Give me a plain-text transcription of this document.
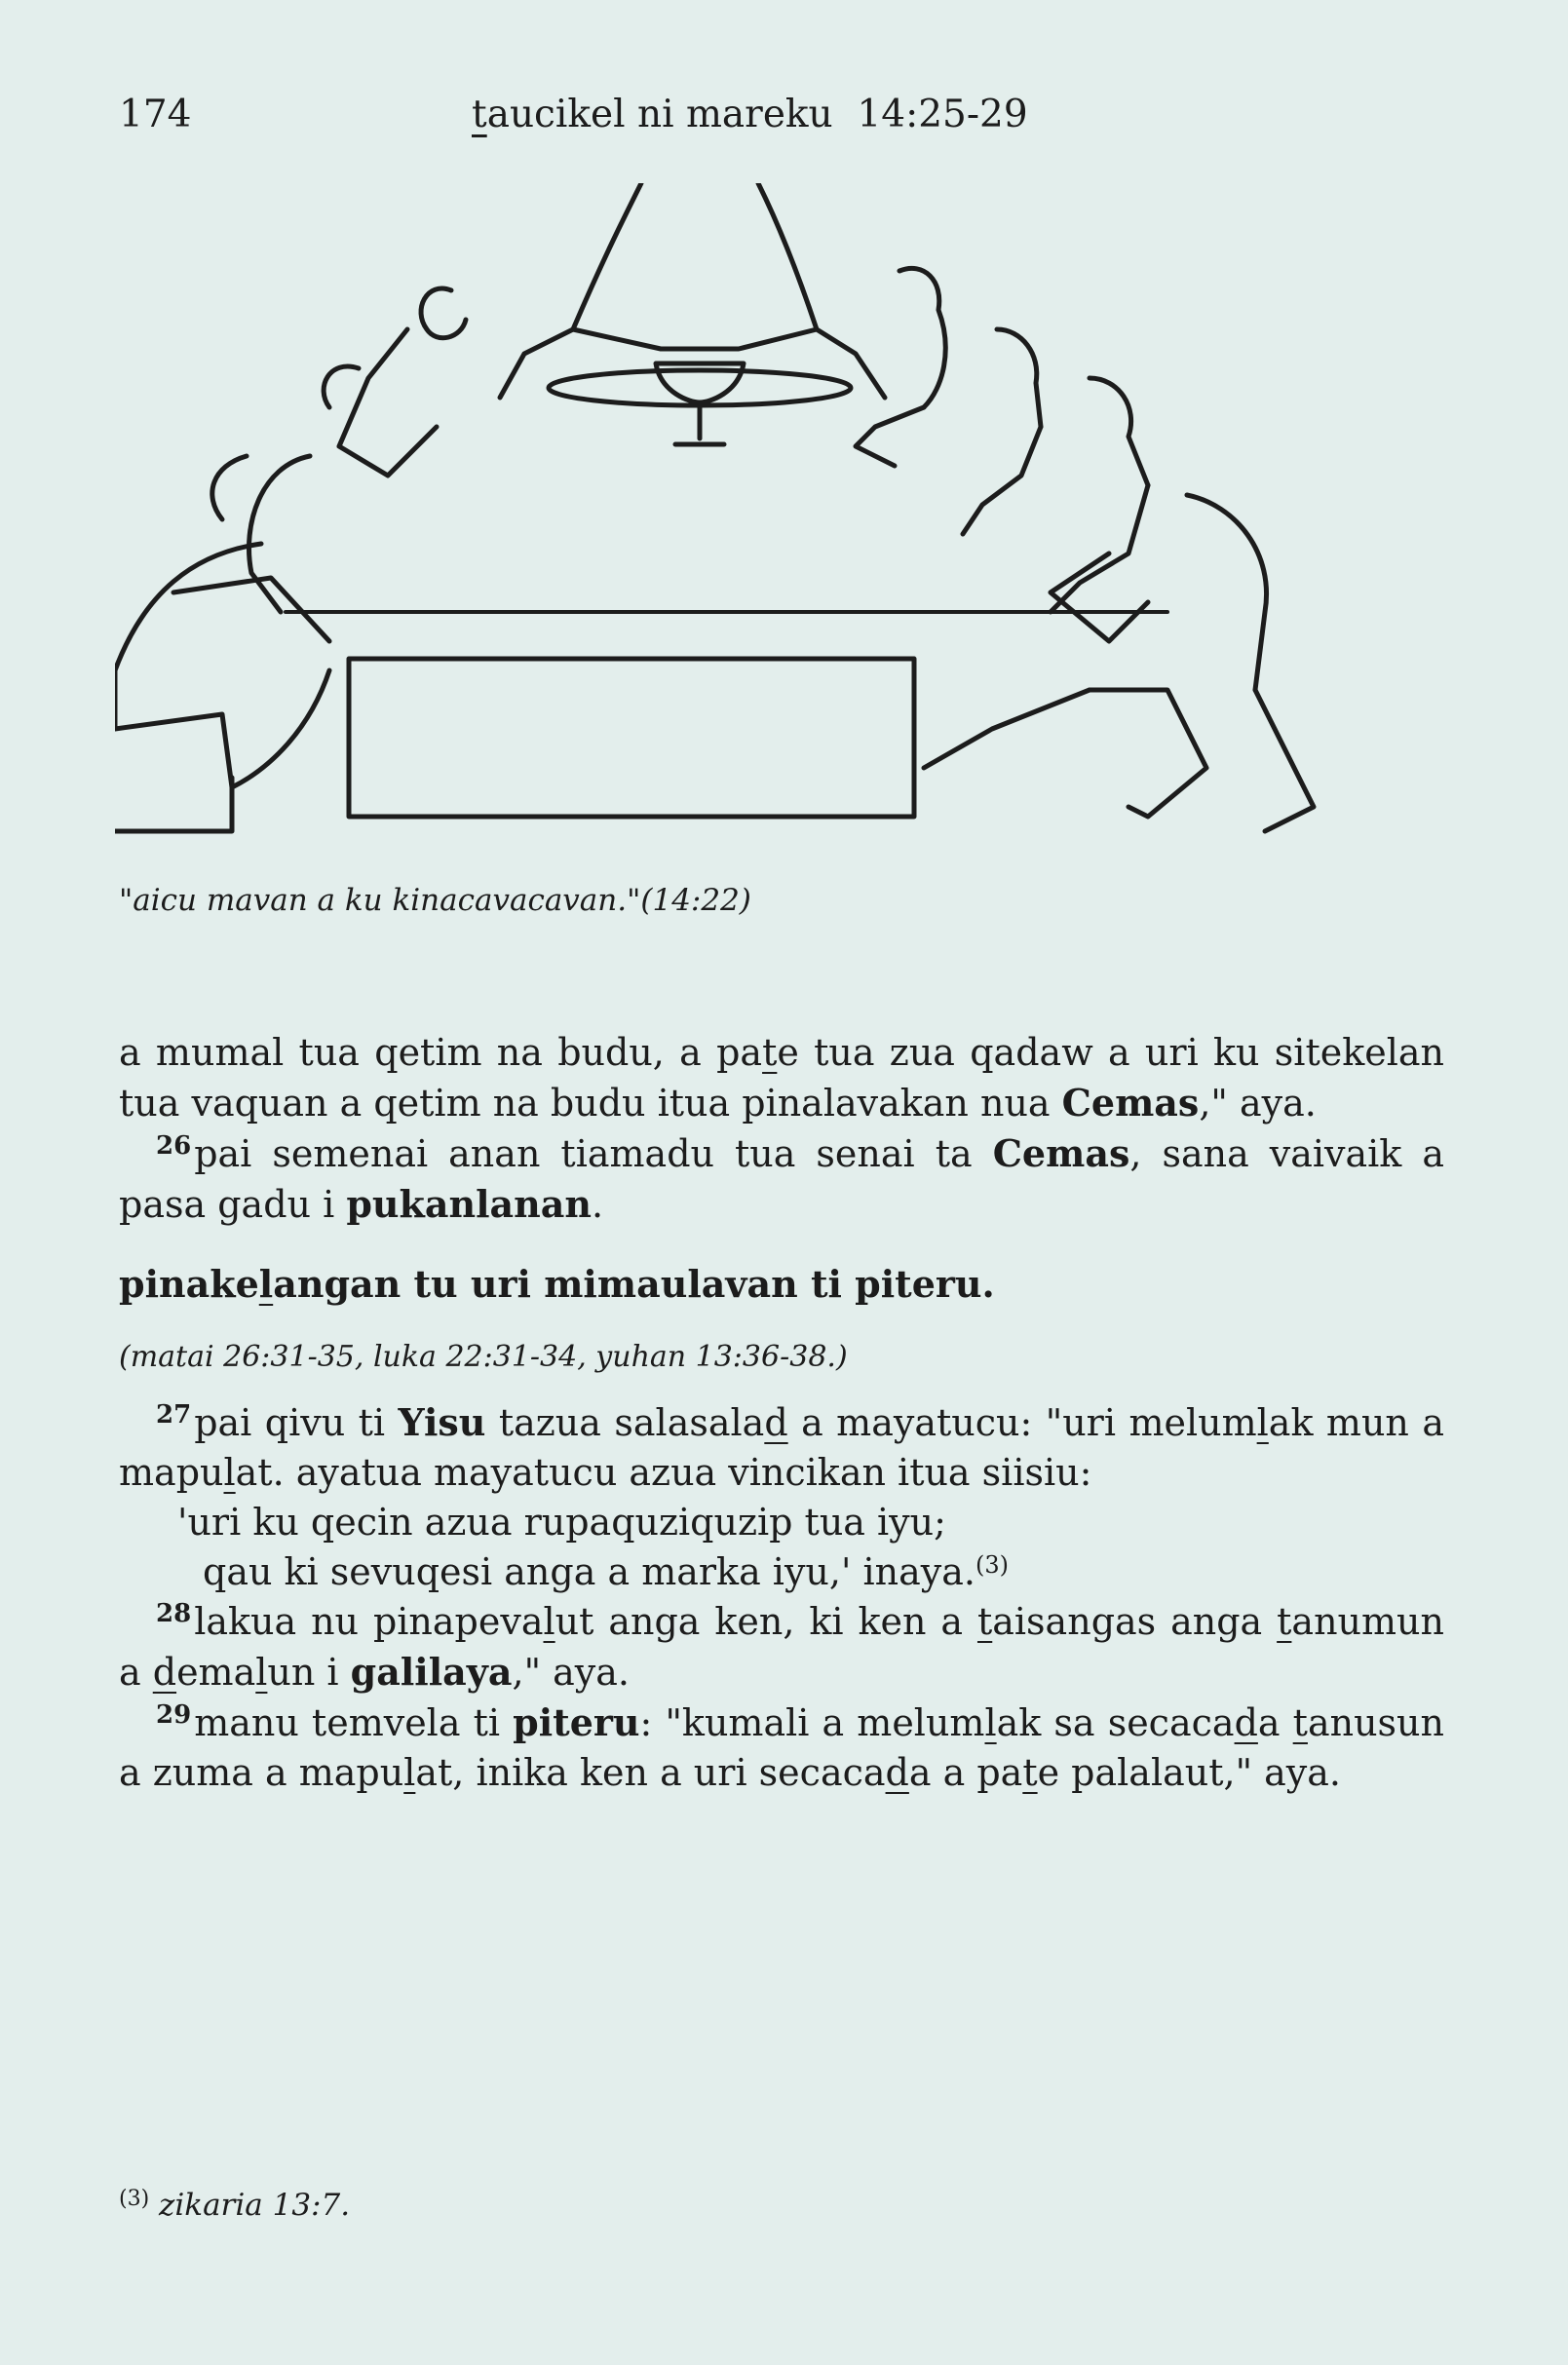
174	taucikel ni mareku 14:25-29
"aicu mavan a ku kinacavacavan."(14:22)

a mumal tua qetim na budu, a pate tua zua qadaw a uri ku sitekelan tua vaquan a qetim na budu itua pinalavakan nua Cemas," aya.

$^{26}$pai semenai anan tiamadu tua senai ta Cemas, sana vaivaik a pasa gadu i pukanlanan.

pinakelangan tu uri mimaulavan ti piteru.

(matai 26:31-35, luka 22:31-34, yuhan 13:36-38.)

$^{27}$pai qivu ti Yisu tazua salasalad a mayatucu: "uri melumlak mun a mapulat. ayatua mayatucu azua vincikan itua siisiu:

'uri ku qecin azua rupaquziquzip tua iyu;

qau ki sevuqesi anga a marka iyu,' inaya.$^{(3)}$

$^{28}$lakua nu pinapevalut anga ken, ki ken a taisangas anga tanumun a demalun i galilaya," aya.

$^{29}$manu temvela ti piteru: "kumali a melumlak sa secacada tanusun a zuma a mapulat, inika ken a uri secacada a pate palalaut," aya.

$^{(3)}$ zikaria 13:7.
